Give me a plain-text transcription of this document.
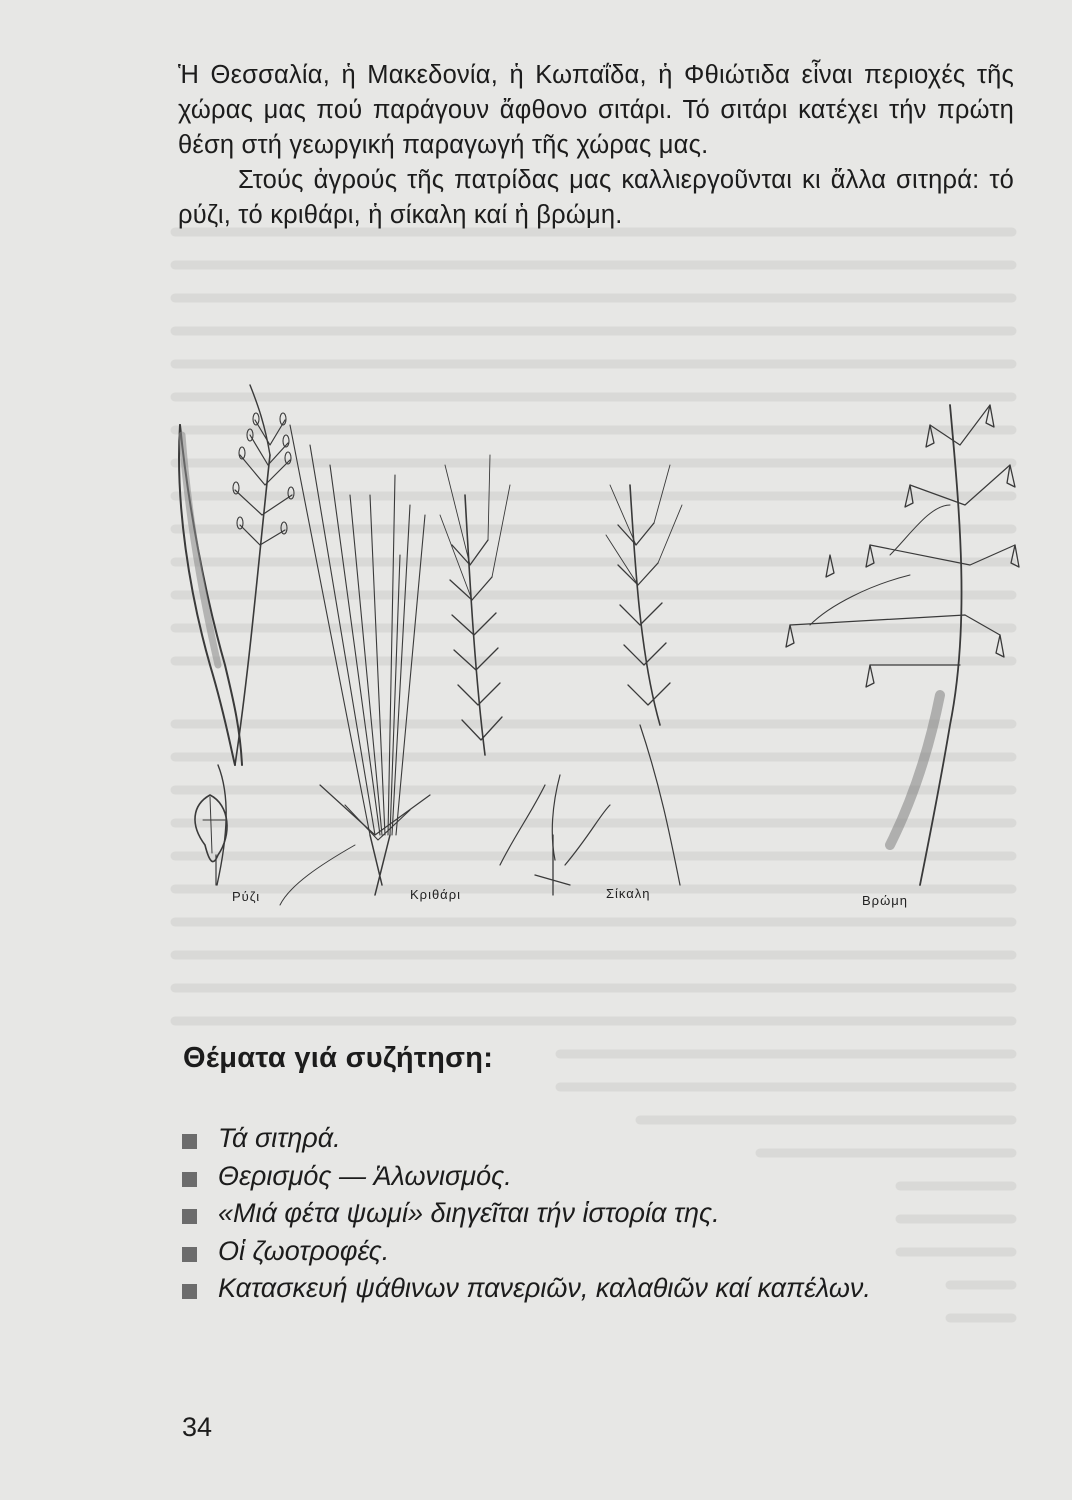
Ἡ Θεσσαλία, ἡ Μακεδονία, ἡ Κωπαΐδα, ἡ Φθιώτιδα εἶναι περιοχές τῆς χώρας μας πού παράγουν ἄφθονο σιτάρι. Τό σιτάρι κατέχει τήν πρώτη θέση στή γεωργική παραγωγή τῆς χώρας μας.

Στούς ἀγρούς τῆς πατρίδας μας καλλιεργοῦνται κι ἄλλα σιτηρά: τό ρύζι, τό κριθάρι, ἡ σίκαλη καί ἡ βρώμη.

Ρύζι	Κριθάρι	Σίκαλη	Βρώμη
Θέματα γιά συζήτηση:
Τά σιτηρά.
Θερισμός — Ἁλωνισμός.
«Μιά φέτα ψωμί» διηγεῖται τήν ἱστορία της.
Οἱ ζωοτροφές.
Κατασκευή ψάθινων πανεριῶν, καλαθιῶν καί καπέλων.
34
